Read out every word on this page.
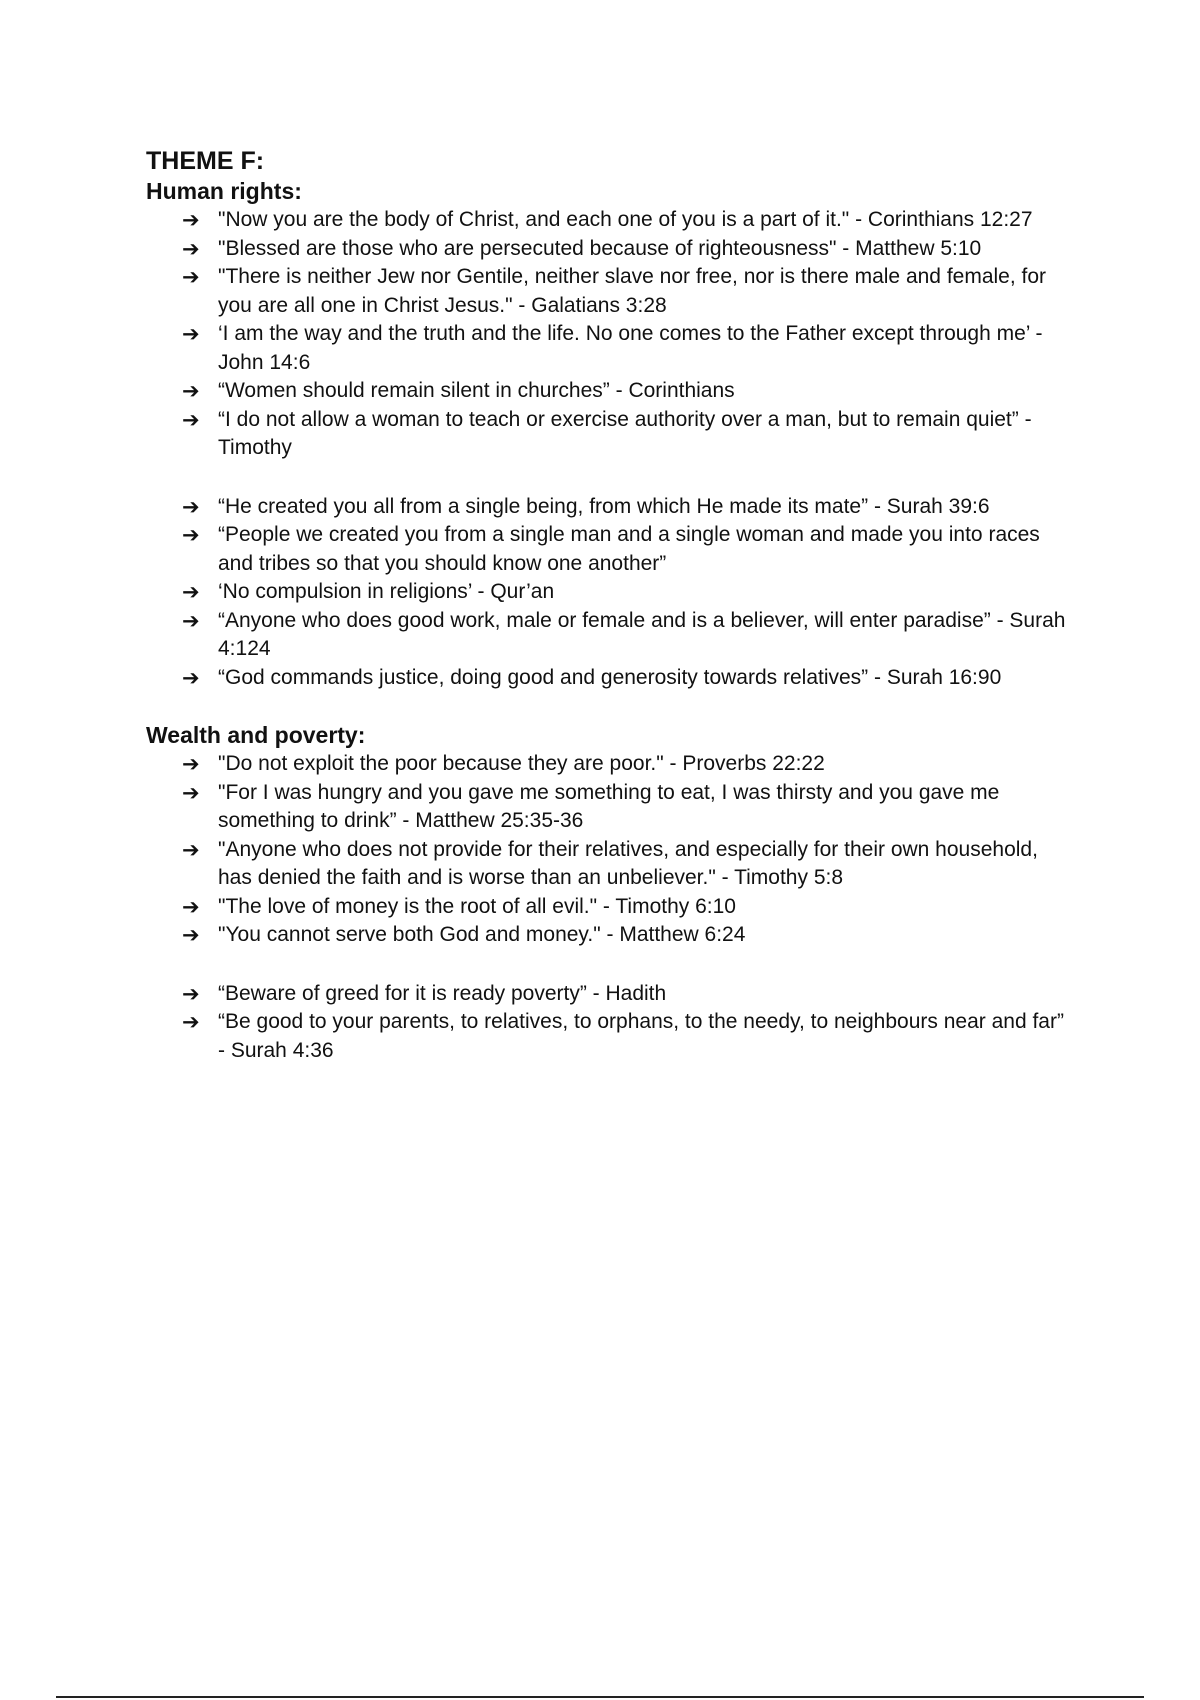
THEME F:
Human rights:
➔ "Now you are the body of Christ, and each one of you is a part of it." - Corinthians 12:27
➔ "Blessed are those who are persecuted because of righteousness" - Matthew 5:10
➔ "There is neither Jew nor Gentile, neither slave nor free, nor is there male and female, for you are all one in Christ Jesus." - Galatians 3:28
➔ ‘I am the way and the truth and the life. No one comes to the Father except through me’ - John 14:6
➔ “Women should remain silent in churches” - Corinthians
➔ “I do not allow a woman to teach or exercise authority over a man, but to remain quiet” - Timothy
➔ “He created you all from a single being, from which He made its mate” - Surah 39:6
➔ “People we created you from a single man and a single woman and made you into races and tribes so that you should know one another”
➔ ‘No compulsion in religions’ - Qur’an
➔ “Anyone who does good work, male or female and is a believer, will enter paradise” - Surah 4:124
➔ “God commands justice, doing good and generosity towards relatives” - Surah 16:90
Wealth and poverty:
➔ "Do not exploit the poor because they are poor." - Proverbs 22:22
➔ "For I was hungry and you gave me something to eat, I was thirsty and you gave me something to drink” - Matthew 25:35-36
➔ "Anyone who does not provide for their relatives, and especially for their own household, has denied the faith and is worse than an unbeliever." - Timothy 5:8
➔ "The love of money is the root of all evil." - Timothy 6:10
➔ "You cannot serve both God and money." - Matthew 6:24
➔ “Beware of greed for it is ready poverty” - Hadith
➔ “Be good to your parents, to relatives, to orphans, to the needy, to neighbours near and far” - Surah 4:36
